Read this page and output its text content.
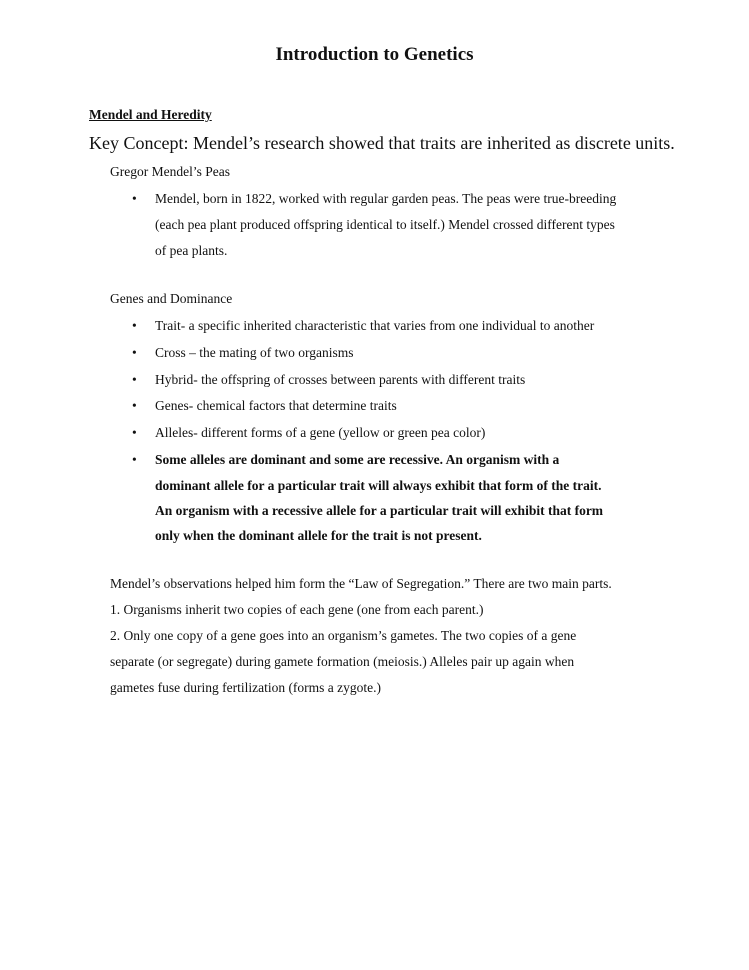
Introduction to Genetics
Mendel and Heredity
Key Concept: Mendel’s research showed that traits are inherited as discrete units.
Gregor Mendel’s Peas
• Mendel, born in 1822, worked with regular garden peas. The peas were true-breeding
(each pea plant produced offspring identical to itself.) Mendel crossed different types
of pea plants.
Genes and Dominance
• Trait- a specific inherited characteristic that varies from one individual to another
• Cross – the mating of two organisms
• Hybrid- the offspring of crosses between parents with different traits
• Genes- chemical factors that determine traits
• Alleles- different forms of a gene (yellow or green pea color)
• Some alleles are dominant and some are recessive. An organism with a
dominant allele for a particular trait will always exhibit that form of the trait.
An organism with a recessive allele for a particular trait will exhibit that form
only when the dominant allele for the trait is not present.
Mendel’s observations helped him form the “Law of Segregation.” There are two main parts.
1. Organisms inherit two copies of each gene (one from each parent.)
2. Only one copy of a gene goes into an organism’s gametes. The two copies of a gene
separate (or segregate) during gamete formation (meiosis.) Alleles pair up again when
gametes fuse during fertilization (forms a zygote.)
